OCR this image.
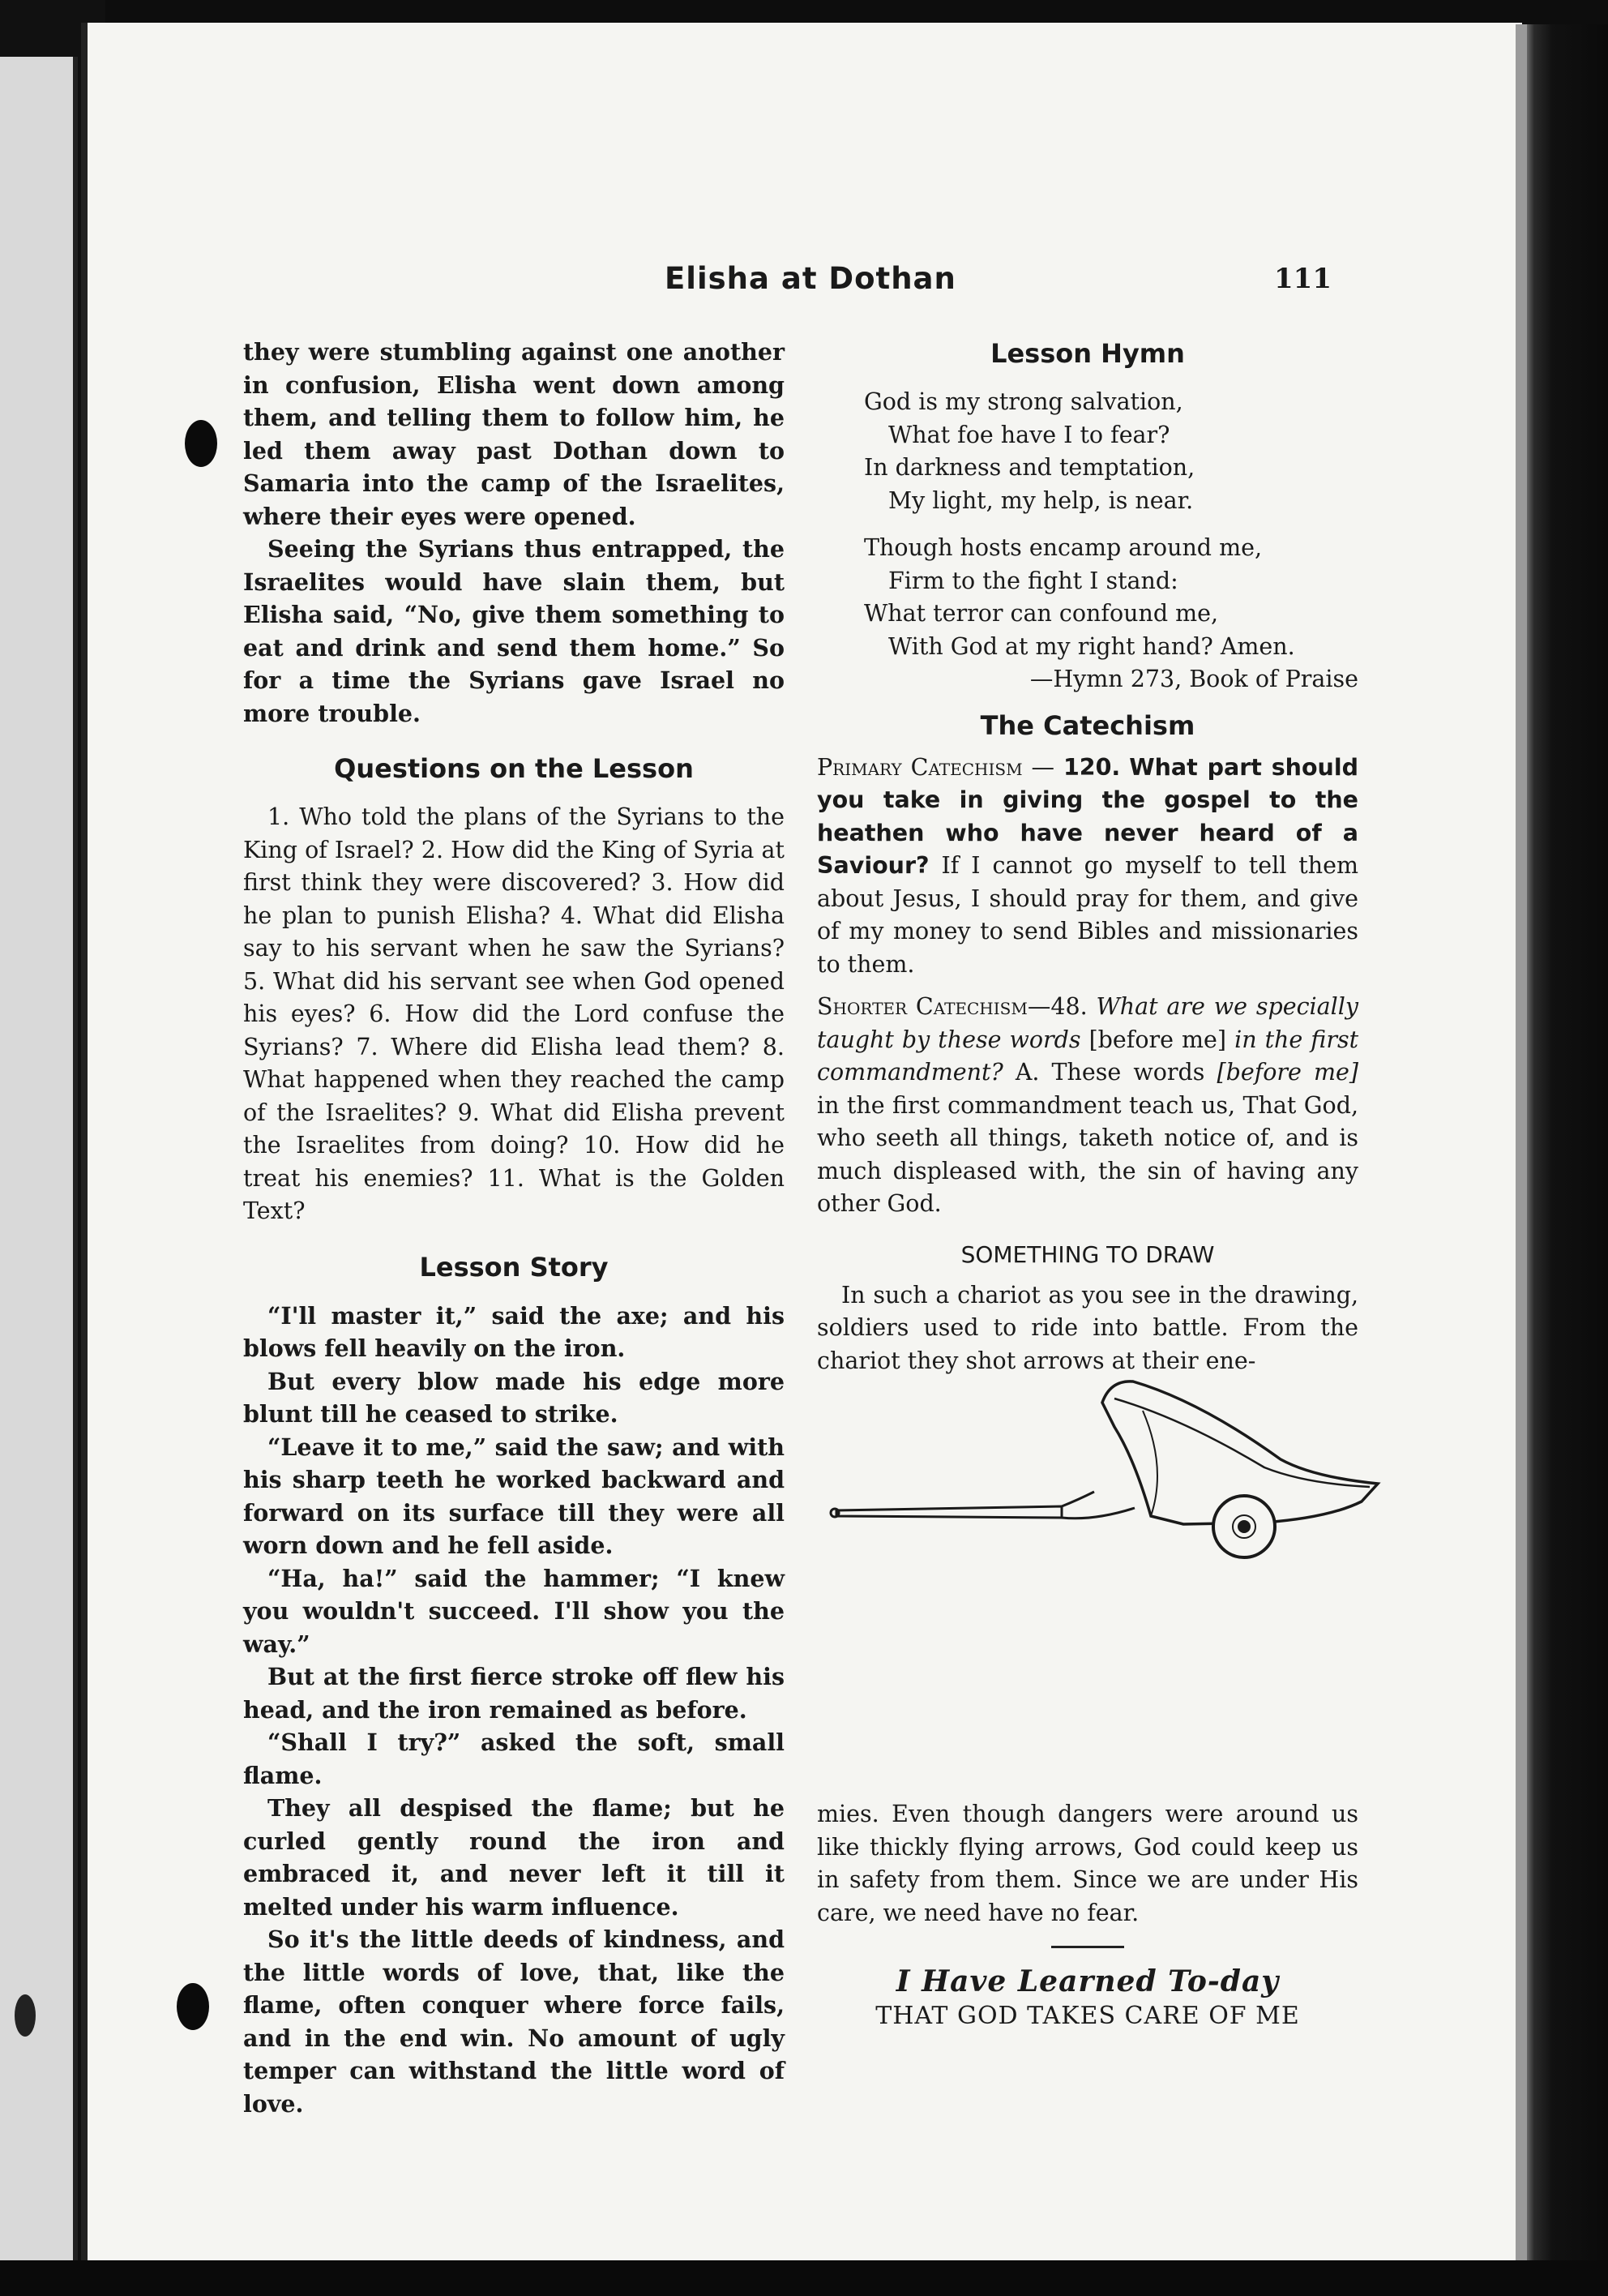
Elisha at Dothan	111

they were stumbling against one another in confusion, Elisha went down among them, and telling them to follow him, he led them away past Dothan down to Samaria into the camp of the Israelites, where their eyes were opened.

Seeing the Syrians thus entrapped, the Israelites would have slain them, but Elisha said, “No, give them something to eat and drink and send them home.” So for a time the Syrians gave Israel no more trouble.

Questions on the Lesson

1. Who told the plans of the Syrians to the King of Israel? 2. How did the King of Syria at first think they were discovered? 3. How did he plan to punish Elisha? 4. What did Elisha say to his servant when he saw the Syrians? 5. What did his servant see when God opened his eyes? 6. How did the Lord confuse the Syrians? 7. Where did Elisha lead them? 8. What happened when they reached the camp of the Israelites? 9. What did Elisha prevent the Israelites from doing? 10. How did he treat his enemies? 11. What is the Golden Text?

Lesson Story

“I'll master it,” said the axe; and his blows fell heavily on the iron.

But every blow made his edge more blunt till he ceased to strike.

“Leave it to me,” said the saw; and with his sharp teeth he worked backward and forward on its surface till they were all worn down and he fell aside.

“Ha, ha!” said the hammer; “I knew you wouldn't succeed. I'll show you the way.”

But at the first fierce stroke off flew his head, and the iron remained as before.

“Shall I try?” asked the soft, small flame.

They all despised the flame; but he curled gently round the iron and embraced it, and never left it till it melted under his warm influence.

So it's the little deeds of kindness, and the little words of love, that, like the flame, often conquer where force fails, and in the end win. No amount of ugly temper can withstand the little word of love.

Lesson Hymn
God is my strong salvation,
What foe have I to fear?
In darkness and temptation,
My light, my help, is near.
Though hosts encamp around me,
Firm to the fight I stand:
What terror can confound me,
With God at my right hand? Amen.
—Hymn 273, Book of Praise
The Catechism

Primary Catechism — 120. What part should you take in giving the gospel to the heathen who have never heard of a Saviour? If I cannot go myself to tell them about Jesus, I should pray for them, and give of my money to send Bibles and missionaries to them.

Shorter Catechism—48. What are we specially taught by these words [before me] in the first commandment? A. These words [before me] in the first commandment teach us, That God, who seeth all things, taketh notice of, and is much displeased with, the sin of having any other God.

SOMETHING TO DRAW

In such a chariot as you see in the drawing, soldiers used to ride into battle. From the chariot they shot arrows at their ene-

mies. Even though dangers were around us like thickly flying arrows, God could keep us in safety from them. Since we are under His care, we need have no fear.

I Have Learned To-day
THAT GOD TAKES CARE OF ME
